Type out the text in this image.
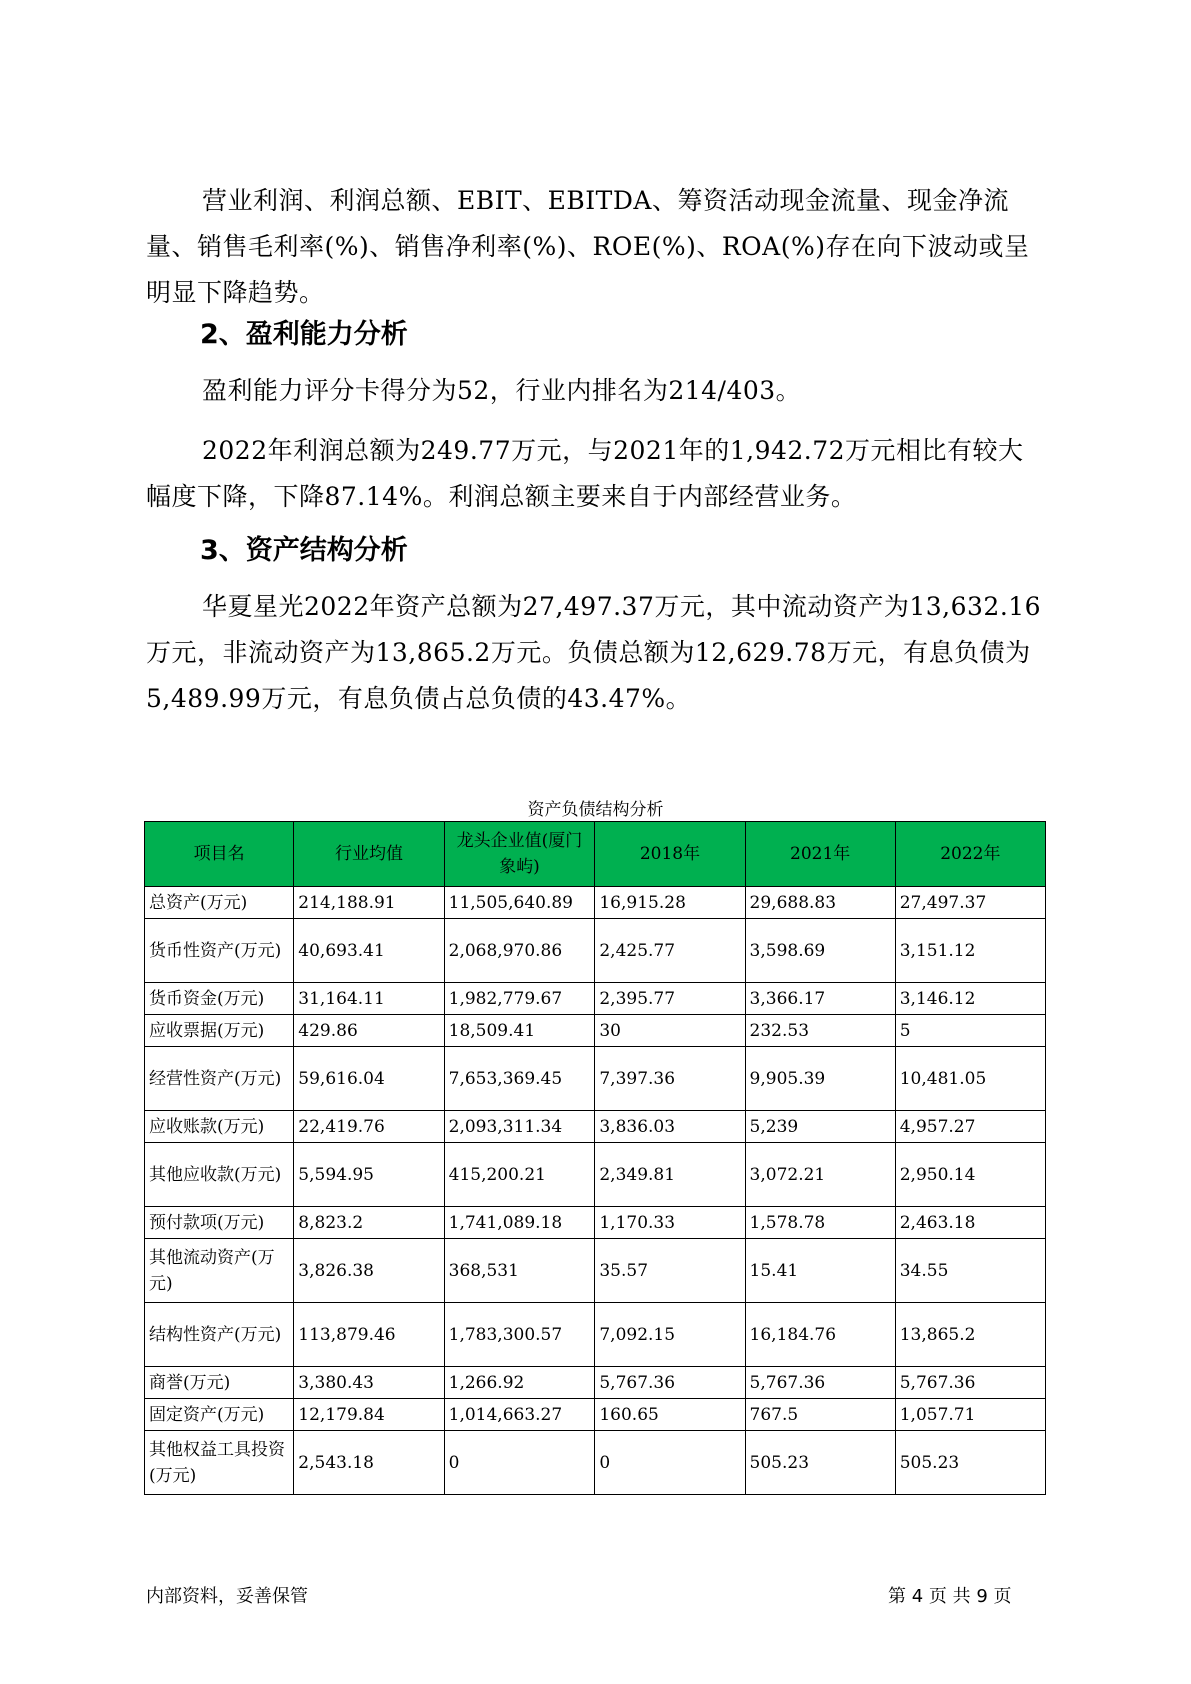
营业利润、利润总额、EBIT、EBITDA、筹资活动现金流量、现金净流量、销售毛利率(%)、销售净利率(%)、ROE(%)、ROA(%)存在向下波动或呈明显下降趋势。

2、盈利能力分析

盈利能力评分卡得分为52，行业内排名为214/403。

2022年利润总额为249.77万元，与2021年的1,942.72万元相比有较大幅度下降，下降87.14%。利润总额主要来自于内部经营业务。

3、资产结构分析

华夏星光2022年资产总额为27,497.37万元，其中流动资产为13,632.16万元，非流动资产为13,865.2万元。负债总额为12,629.78万元，有息负债为5,489.99万元，有息负债占总负债的43.47%。

资产负债结构分析
项目名	行业均值	龙头企业值(厦门象屿)	2018年	2021年	2022年
总资产(万元)	214,188.91	11,505,640.89	16,915.28	29,688.83	27,497.37
货币性资产(万元)	40,693.41	2,068,970.86	2,425.77	3,598.69	3,151.12
货币资金(万元)	31,164.11	1,982,779.67	2,395.77	3,366.17	3,146.12
应收票据(万元)	429.86	18,509.41	30	232.53	5
经营性资产(万元)	59,616.04	7,653,369.45	7,397.36	9,905.39	10,481.05
应收账款(万元)	22,419.76	2,093,311.34	3,836.03	5,239	4,957.27
其他应收款(万元)	5,594.95	415,200.21	2,349.81	3,072.21	2,950.14
预付款项(万元)	8,823.2	1,741,089.18	1,170.33	1,578.78	2,463.18
其他流动资产(万元)	3,826.38	368,531	35.57	15.41	34.55
结构性资产(万元)	113,879.46	1,783,300.57	7,092.15	16,184.76	13,865.2
商誉(万元)	3,380.43	1,266.92	5,767.36	5,767.36	5,767.36
固定资产(万元)	12,179.84	1,014,663.27	160.65	767.5	1,057.71
其他权益工具投资(万元)	2,543.18	0	0	505.23	505.23
内部资料，妥善保管	第 4 页 共 9 页
